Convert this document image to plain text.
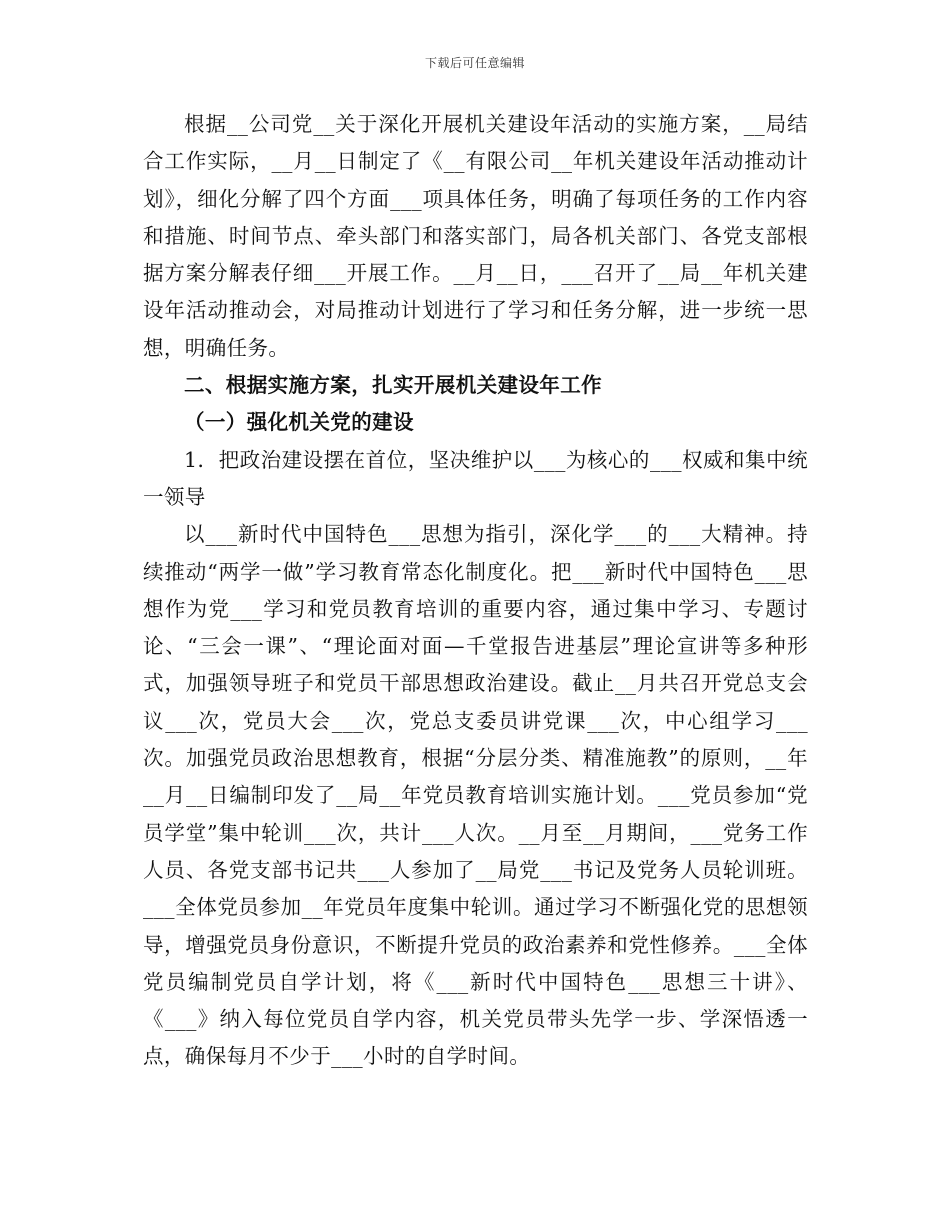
下载后可任意编辑

根据__公司党__关于深化开展机关建设年活动的实施方案，__局结合工作实际，__月__日制定了《__有限公司__年机关建设年活动推动计划》，细化分解了四个方面___项具体任务，明确了每项任务的工作内容和措施、时间节点、牵头部门和落实部门，局各机关部门、各党支部根据方案分解表仔细___开展工作。__月__日，___召开了__局__年机关建设年活动推动会，对局推动计划进行了学习和任务分解，进一步统一思想，明确任务。

二、根据实施方案，扎实开展机关建设年工作

（一）强化机关党的建设

1．把政治建设摆在首位，坚决维护以___为核心的___权威和集中统一领导

以___新时代中国特色___思想为指引，深化学___的___大精神。持续推动“两学一做”学习教育常态化制度化。把___新时代中国特色___思想作为党___学习和党员教育培训的重要内容，通过集中学习、专题讨论、“三会一课”、“理论面对面—千堂报告进基层”理论宣讲等多种形式，加强领导班子和党员干部思想政治建设。截止__月共召开党总支会议___次，党员大会___次，党总支委员讲党课___次，中心组学习___次。加强党员政治思想教育，根据“分层分类、精准施教”的原则，__年__月__日编制印发了__局__年党员教育培训实施计划。___党员参加“党员学堂”集中轮训___次，共计___人次。__月至__月期间，___党务工作人员、各党支部书记共___人参加了__局党___书记及党务人员轮训班。___全体党员参加__年党员年度集中轮训。通过学习不断强化党的思想领导，增强党员身份意识，不断提升党员的政治素养和党性修养。___全体党员编制党员自学计划，将《___新时代中国特色___思想三十讲》、《___》纳入每位党员自学内容，机关党员带头先学一步、学深悟透一点，确保每月不少于___小时的自学时间。
